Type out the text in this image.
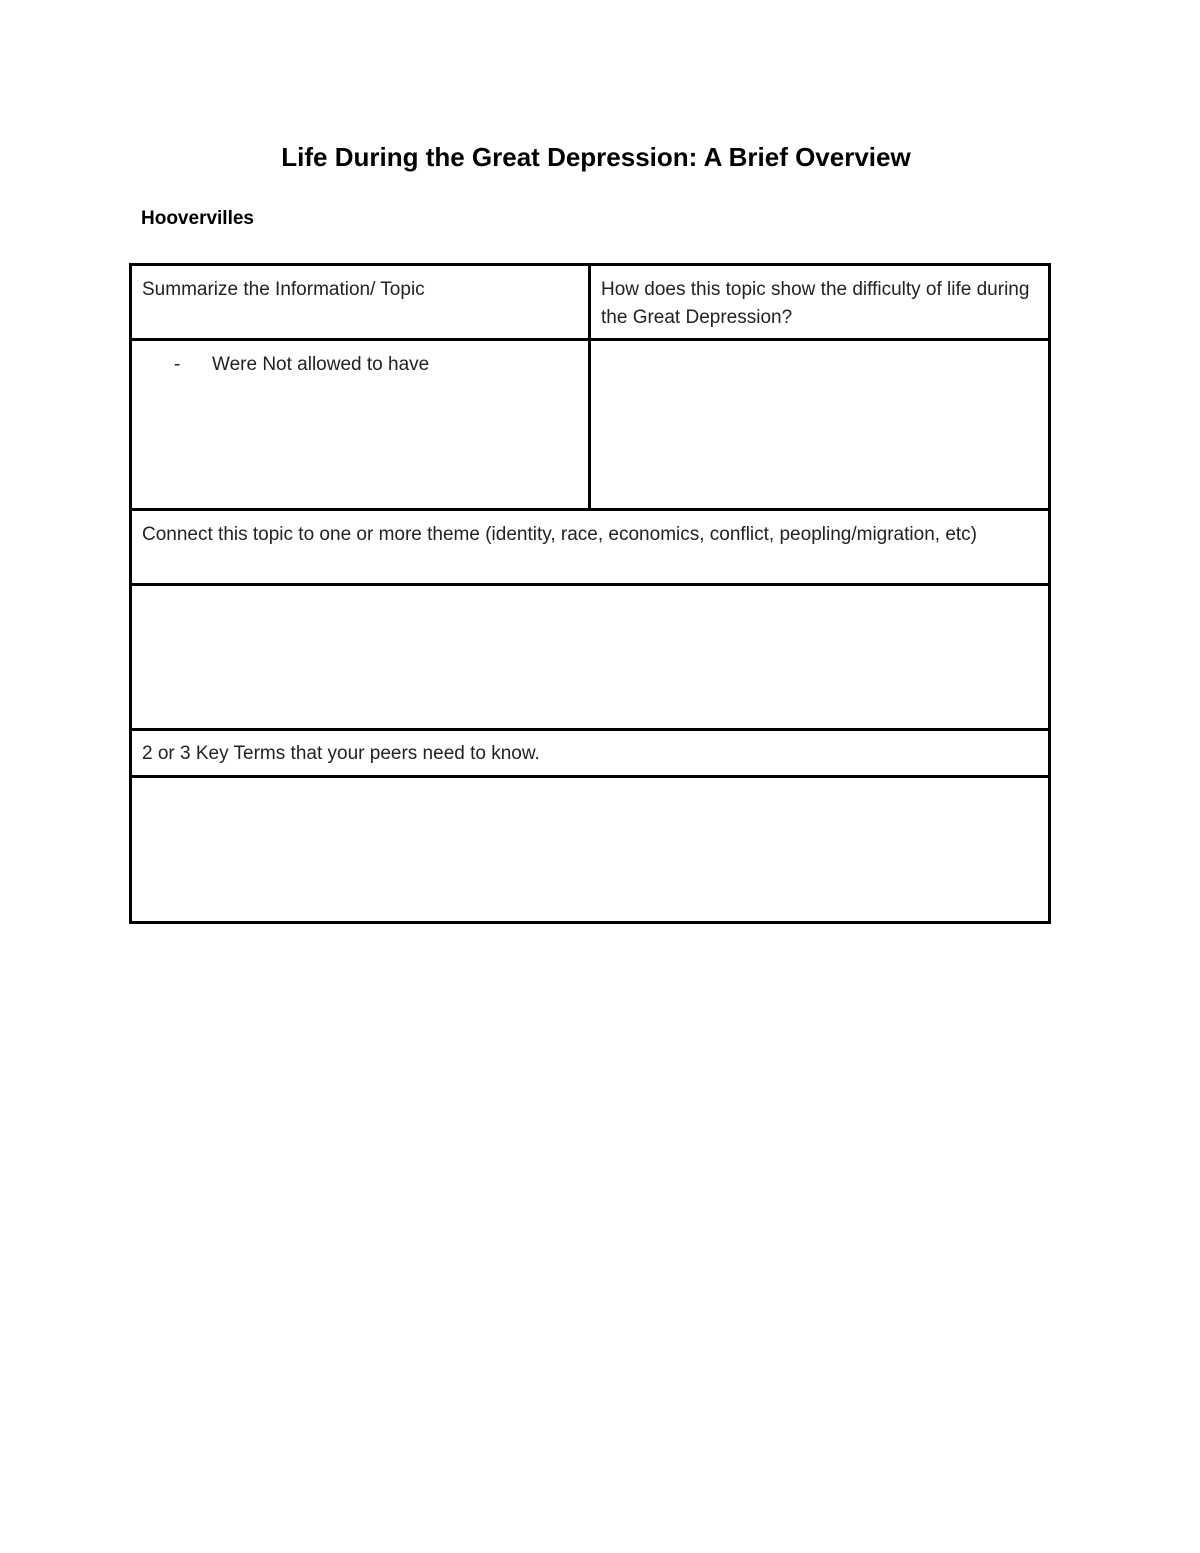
Life During the Great Depression: A Brief Overview
Hoovervilles
Summarize the Information/ Topic	How does this topic show the difficulty of life during the Great Depression?

- Were Not allowed to have	

Connect this topic to one or more theme (identity, race, economics, conflict, peopling/migration, etc)	

2 or 3 Key Terms that your peers need to know.	
